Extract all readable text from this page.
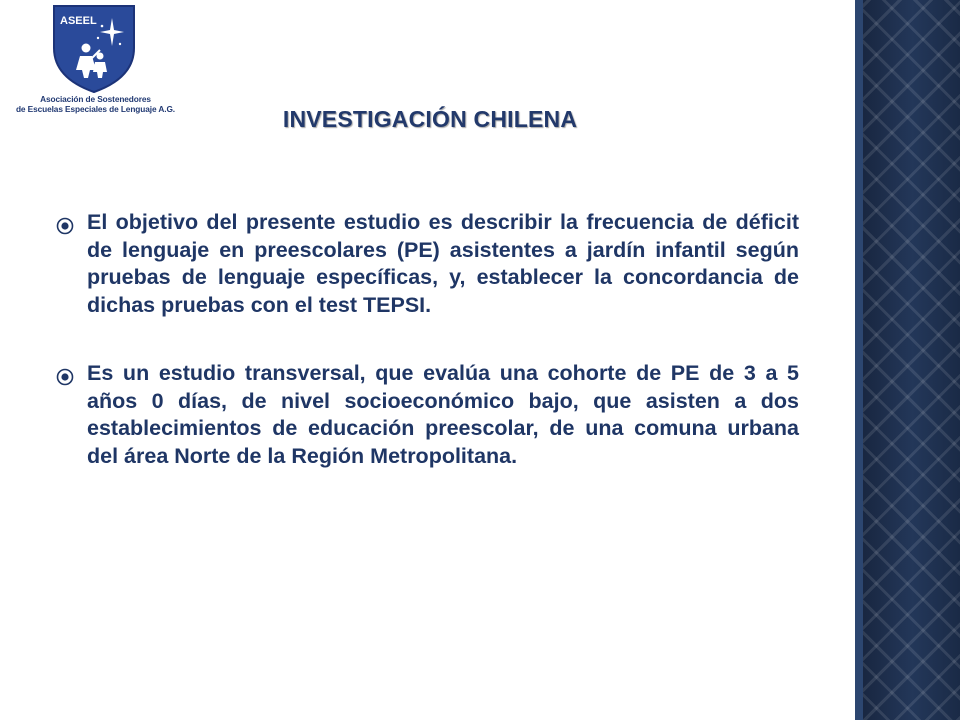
ASEEL
Asociación de Sostenedores
de Escuelas Especiales de Lenguaje A.G.	INVESTIGACIÓN CHILENA
El objetivo del presente estudio es describir la frecuencia de déficit de lenguaje en preescolares (PE) asistentes a jardín infantil según pruebas de lenguaje específicas, y, establecer la concordancia de dichas pruebas con el test TEPSI.
Es un estudio transversal, que evalúa una cohorte de PE de 3 a 5 años 0 días, de nivel socioeconómico bajo, que asisten a dos establecimientos de educación preescolar, de una comuna urbana del área Norte de la Región Metropolitana.
